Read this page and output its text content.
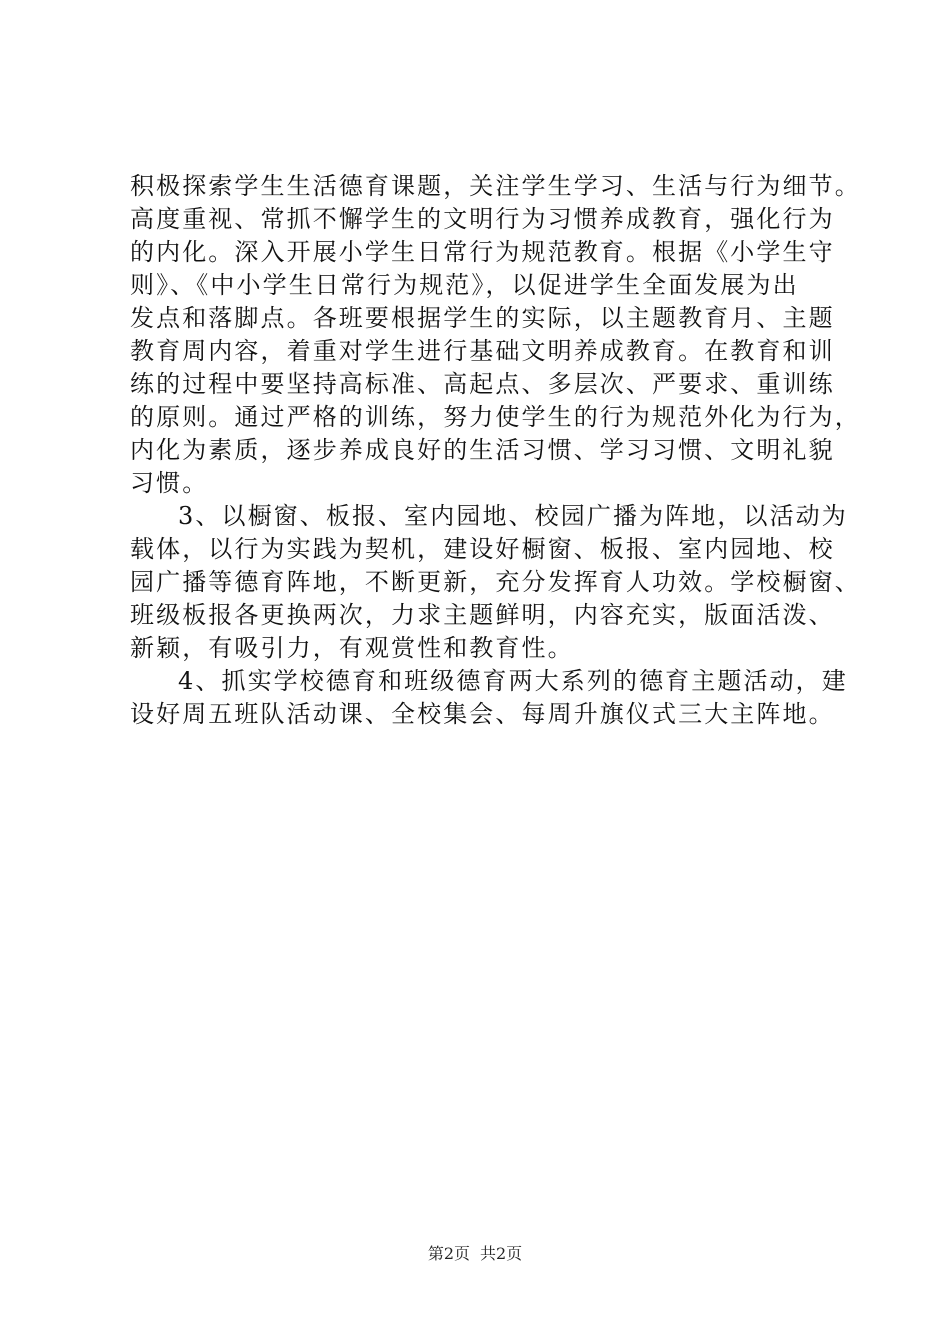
积极探索学生生活德育课题，关注学生学习、生活与行为细节。
高度重视、常抓不懈学生的文明行为习惯养成教育，强化行为
的内化。深入开展小学生日常行为规范教育。根据《小学生守
则》、《中小学生日常行为规范》，以促进学生全面发展为出
发点和落脚点。各班要根据学生的实际，以主题教育月、主题
教育周内容，着重对学生进行基础文明养成教育。在教育和训
练的过程中要坚持高标准、高起点、多层次、严要求、重训练
的原则。通过严格的训练，努力使学生的行为规范外化为行为，
内化为素质，逐步养成良好的生活习惯、学习习惯、文明礼貌
习惯。
3、以橱窗、板报、室内园地、校园广播为阵地，以活动为
载体，以行为实践为契机，建设好橱窗、板报、室内园地、校
园广播等德育阵地，不断更新，充分发挥育人功效。学校橱窗、
班级板报各更换两次，力求主题鲜明，内容充实，版面活泼、
新颖，有吸引力，有观赏性和教育性。
4、抓实学校德育和班级德育两大系列的德育主题活动，建
设好周五班队活动课、全校集会、每周升旗仪式三大主阵地。
第2页 共2页
